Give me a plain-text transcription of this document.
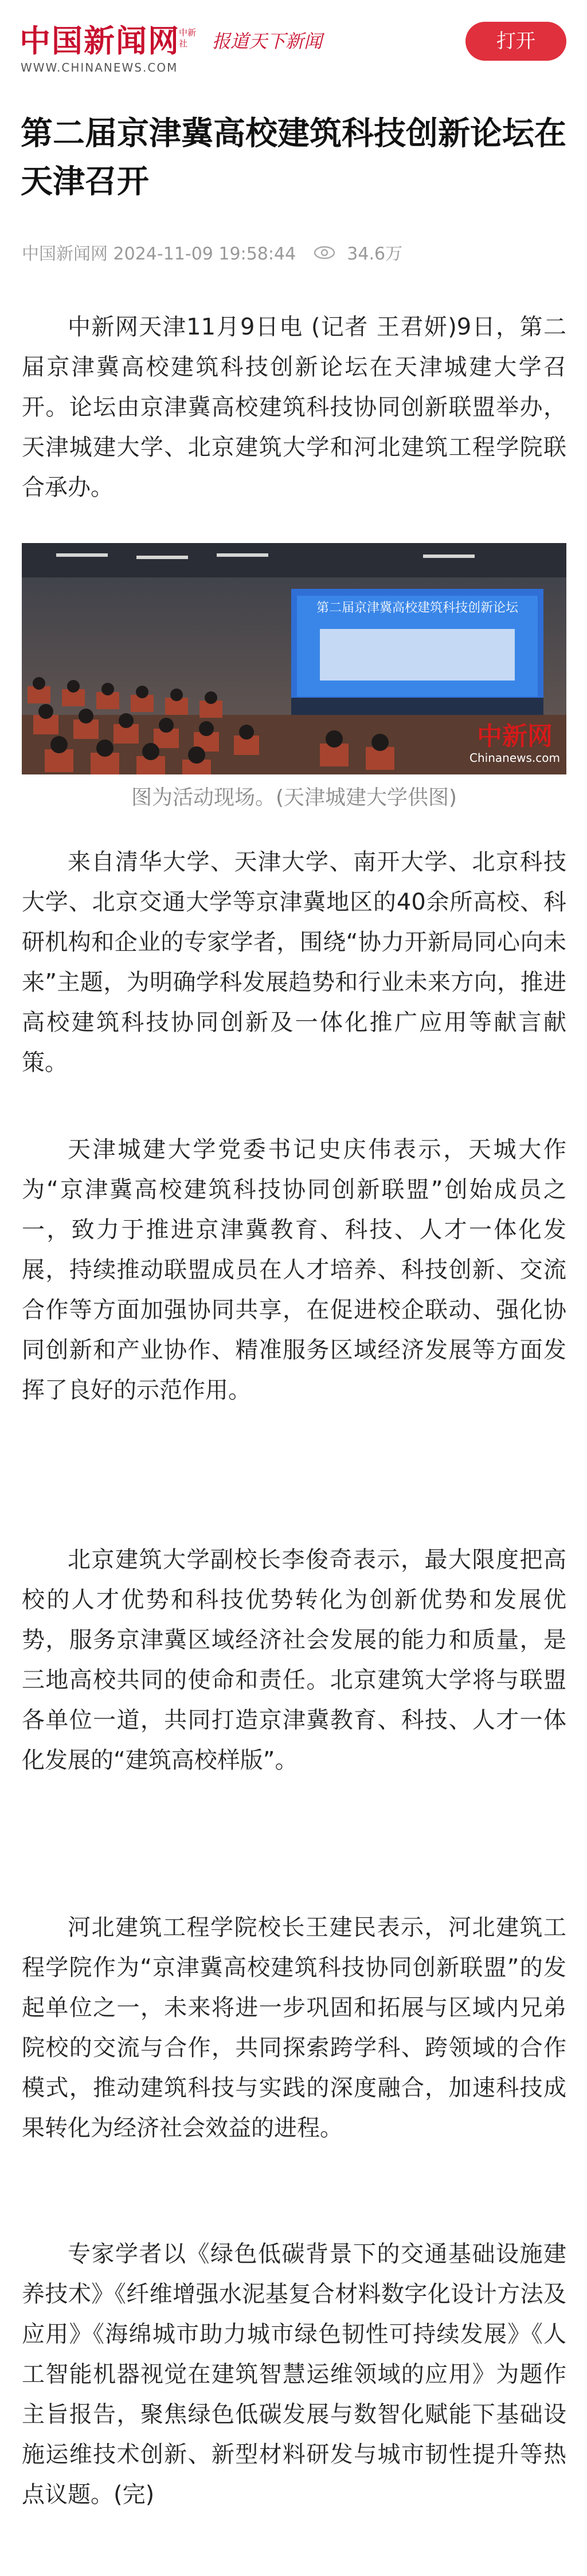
中国新闻网
中新社
WWW.CHINANEWS.COM
报道天下新闻	打开
第二届京津冀高校建筑科技创新论坛在天津召开
中国新闻网 2024-11-09 19:58:44	34.6万

中新网天津11月9日电 (记者 王君妍)9日，第二届京津冀高校建筑科技创新论坛在天津城建大学召开。论坛由京津冀高校建筑科技协同创新联盟举办，天津城建大学、北京建筑大学和河北建筑工程学院联合承办。

第二届京津冀高校建筑科技创新论坛
中新网
Chinanews.com
图为活动现场。(天津城建大学供图)

来自清华大学、天津大学、南开大学、北京科技大学、北京交通大学等京津冀地区的40余所高校、科研机构和企业的专家学者，围绕“协力开新局同心向未来”主题，为明确学科发展趋势和行业未来方向，推进高校建筑科技协同创新及一体化推广应用等献言献策。

天津城建大学党委书记史庆伟表示，天城大作为“京津冀高校建筑科技协同创新联盟”创始成员之一，致力于推进京津冀教育、科技、人才一体化发展，持续推动联盟成员在人才培养、科技创新、交流合作等方面加强协同共享，在促进校企联动、强化协同创新和产业协作、精准服务区域经济发展等方面发挥了良好的示范作用。

北京建筑大学副校长李俊奇表示，最大限度把高校的人才优势和科技优势转化为创新优势和发展优势，服务京津冀区域经济社会发展的能力和质量，是三地高校共同的使命和责任。北京建筑大学将与联盟各单位一道，共同打造京津冀教育、科技、人才一体化发展的“建筑高校样版”。

河北建筑工程学院校长王建民表示，河北建筑工程学院作为“京津冀高校建筑科技协同创新联盟”的发起单位之一，未来将进一步巩固和拓展与区域内兄弟院校的交流与合作，共同探索跨学科、跨领域的合作模式，推动建筑科技与实践的深度融合，加速科技成果转化为经济社会效益的进程。

专家学者以《绿色低碳背景下的交通基础设施建养技术》《纤维增强水泥基复合材料数字化设计方法及应用》《海绵城市助力城市绿色韧性可持续发展》《人工智能机器视觉在建筑智慧运维领域的应用》为题作主旨报告，聚焦绿色低碳发展与数智化赋能下基础设施运维技术创新、新型材料研发与城市韧性提升等热点议题。(完)
